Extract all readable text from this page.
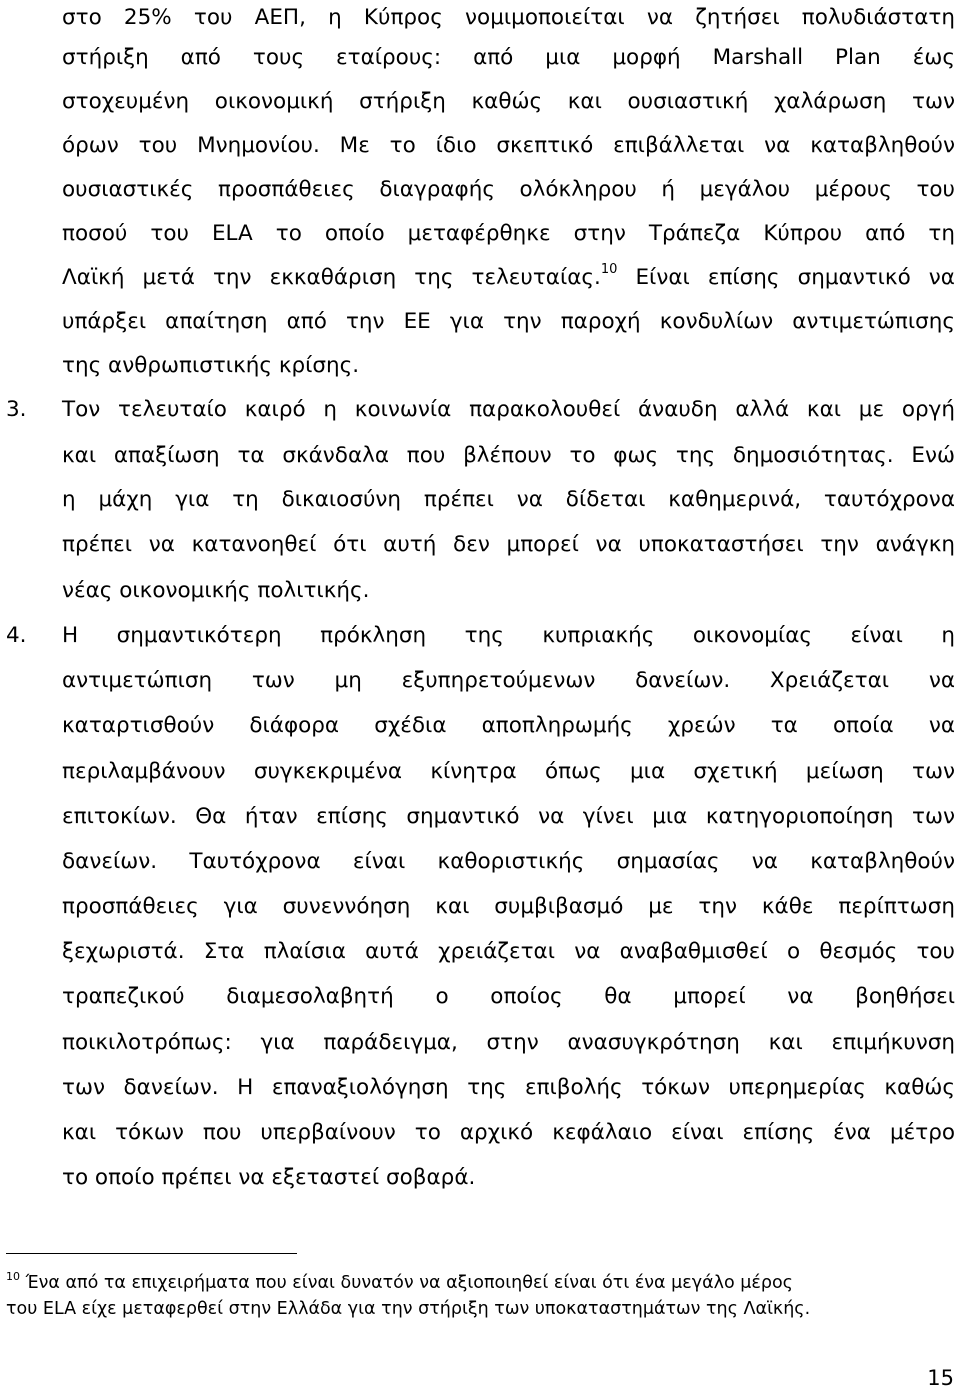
στο 25% του ΑΕΠ, η Κύπρος νομιμοποιείται να ζητήσει πολυδιάστατη
στήριξη από τους εταίρους: από μια μορφή Marshall Plan έως
στοχευμένη οικονομική στήριξη καθώς και ουσιαστική χαλάρωση των
όρων του Μνημονίου. Με το ίδιο σκεπτικό επιβάλλεται να καταβληθούν
ουσιαστικές προσπάθειες διαγραφής ολόκληρου ή μεγάλου μέρους του
ποσού του ELA το οποίο μεταφέρθηκε στην Τράπεζα Κύπρου από τη
Λαϊκή μετά την εκκαθάριση της τελευταίας.$^{10}$ Είναι επίσης σημαντικό να
υπάρξει απαίτηση από την ΕΕ για την παροχή κονδυλίων αντιμετώπισης
της ανθρωπιστικής κρίσης.
3.	Τον τελευταίο καιρό η κοινωνία παρακολουθεί άναυδη αλλά και με οργή
και απαξίωση τα σκάνδαλα που βλέπουν το φως της δημοσιότητας. Ενώ
η μάχη για τη δικαιοσύνη πρέπει να δίδεται καθημερινά, ταυτόχρονα
πρέπει να κατανοηθεί ότι αυτή δεν μπορεί να υποκαταστήσει την ανάγκη
νέας οικονομικής πολιτικής.
4.	Η σημαντικότερη πρόκληση της κυπριακής οικονομίας είναι η
αντιμετώπιση των μη εξυπηρετούμενων δανείων. Χρειάζεται να
καταρτισθούν διάφορα σχέδια αποπληρωμής χρεών τα οποία να
περιλαμβάνουν συγκεκριμένα κίνητρα όπως μια σχετική μείωση των
επιτοκίων. Θα ήταν επίσης σημαντικό να γίνει μια κατηγοριοποίηση των
δανείων. Ταυτόχρονα είναι καθοριστικής σημασίας να καταβληθούν
προσπάθειες για συνεννόηση και συμβιβασμό με την κάθε περίπτωση
ξεχωριστά. Στα πλαίσια αυτά χρειάζεται να αναβαθμισθεί ο θεσμός του
τραπεζικού διαμεσολαβητή ο οποίος θα μπορεί να βοηθήσει
ποικιλοτρόπως: για παράδειγμα, στην ανασυγκρότηση και επιμήκυνση
των δανείων. Η επαναξιολόγηση της επιβολής τόκων υπερημερίας καθώς
και τόκων που υπερβαίνουν το αρχικό κεφάλαιο είναι επίσης ένα μέτρο
το οποίο πρέπει να εξεταστεί σοβαρά.
$^{10}$ Ένα από τα επιχειρήματα που είναι δυνατόν να αξιοποιηθεί είναι ότι ένα μεγάλο μέρος
του ELA είχε μεταφερθεί στην Ελλάδα για την στήριξη των υποκαταστημάτων της Λαϊκής.
15
